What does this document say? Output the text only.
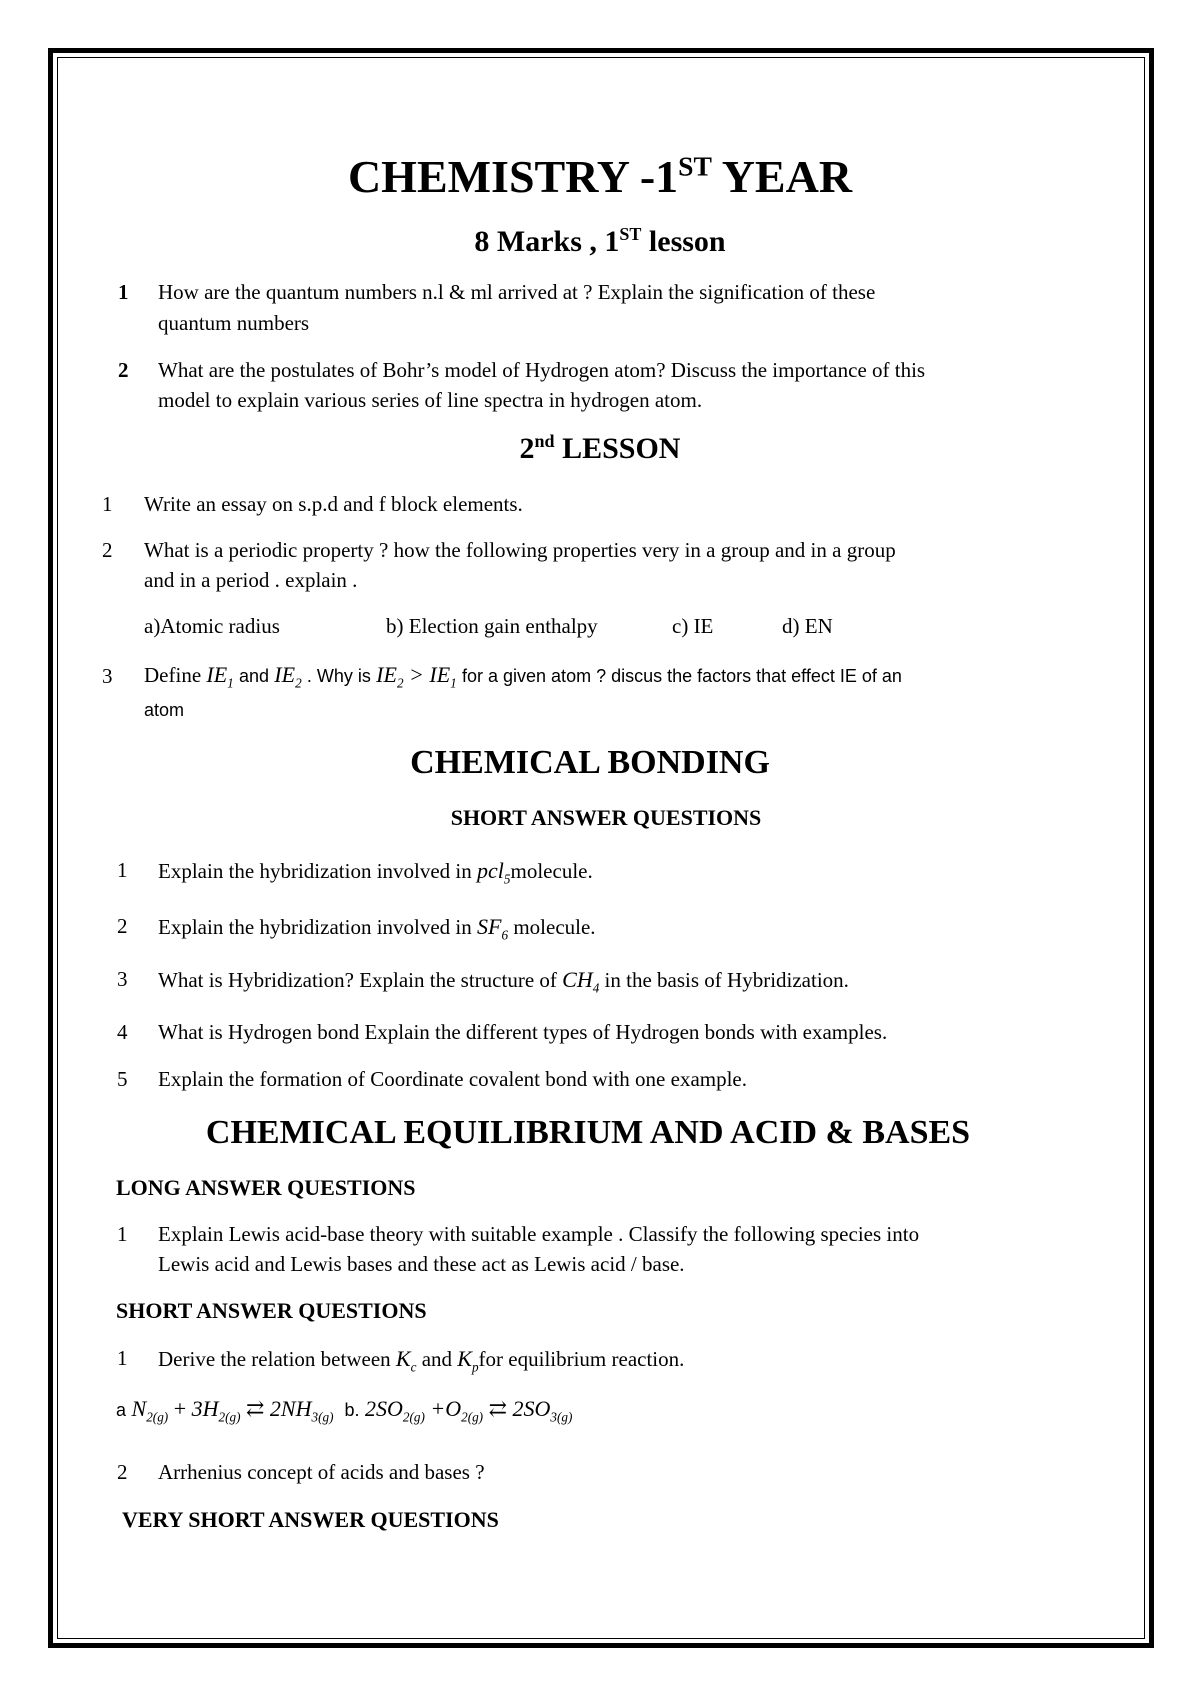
CHEMISTRY -1ST YEAR
8 Marks , 1ST lesson
1 How are the quantum numbers n.l & ml arrived at ? Explain the signification of these
quantum numbers
2 What are the postulates of Bohr’s model of Hydrogen atom? Discuss the importance of this
model to explain various series of line spectra in hydrogen atom.
2nd LESSON
1 Write an essay on s.p.d and f block elements.
2 What is a periodic property ? how the following properties very in a group and in a group
and in a period . explain .
a)Atomic radius	b) Election gain enthalpy	c) IE	d) EN
3 Define $IE_1$ and $IE_2$ . Why is $IE_2 > IE_1$ for a given atom ? discus the factors that effect IE of an
atom
CHEMICAL BONDING
SHORT ANSWER QUESTIONS
1 Explain the hybridization involved in pcl$_5$molecule.
2 Explain the hybridization involved in $SF_6$ molecule.
3 What is Hybridization? Explain the structure of $CH_4$ in the basis of Hybridization.
4 What is Hydrogen bond Explain the different types of Hydrogen bonds with examples.
5 Explain the formation of Coordinate covalent bond with one example.
CHEMICAL EQUILIBRIUM AND ACID & BASES
LONG ANSWER QUESTIONS
1 Explain Lewis acid-base theory with suitable example . Classify the following species into
Lewis acid and Lewis bases and these act as Lewis acid / base.
SHORT ANSWER QUESTIONS
1 Derive the relation between $K_c$ and $K_pfor$ equilibrium reaction.
a $N_{2(g)} + 3H_{2(g)}$ ⇄ $2NH_{3(g)}$ b. $2SO_{2(g)} +O_{2(g)}$ ⇄ $2SO_{3(g)}$
2 Arrhenius concept of acids and bases ?
VERY SHORT ANSWER QUESTIONS
